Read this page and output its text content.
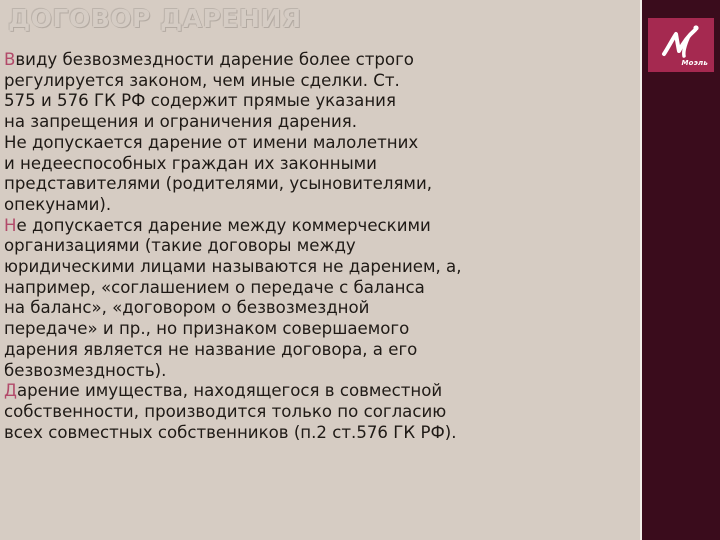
ДОГОВОР ДАРЕНИЯ

Ввидy безвозмездности дарение более строго
регулируется законом, чем иные сделки. Ст.
575 и 576 ГК РФ содержит прямые указания
на запрещения и ограничения дарения.
Не допускается дарение от имени малолетних
и недееспособных граждан их законными
представителями (родителями, усыновителями,
опекунами).

Не допускается дарение между коммерческими
организациями (такие договоры между
юридическими лицами называются не дарением, а,
например, «соглашением о передаче с баланса
на баланс», «договором о безвозмездной
передаче» и пр., но признаком совершаемого
дарения является не название договора, а его
безвозмездность).

Дарение имущества, находящегося в совместной
собственности, производится только по согласию
всех совместных собственников (п.2 ст.576 ГК РФ).

Моэль
